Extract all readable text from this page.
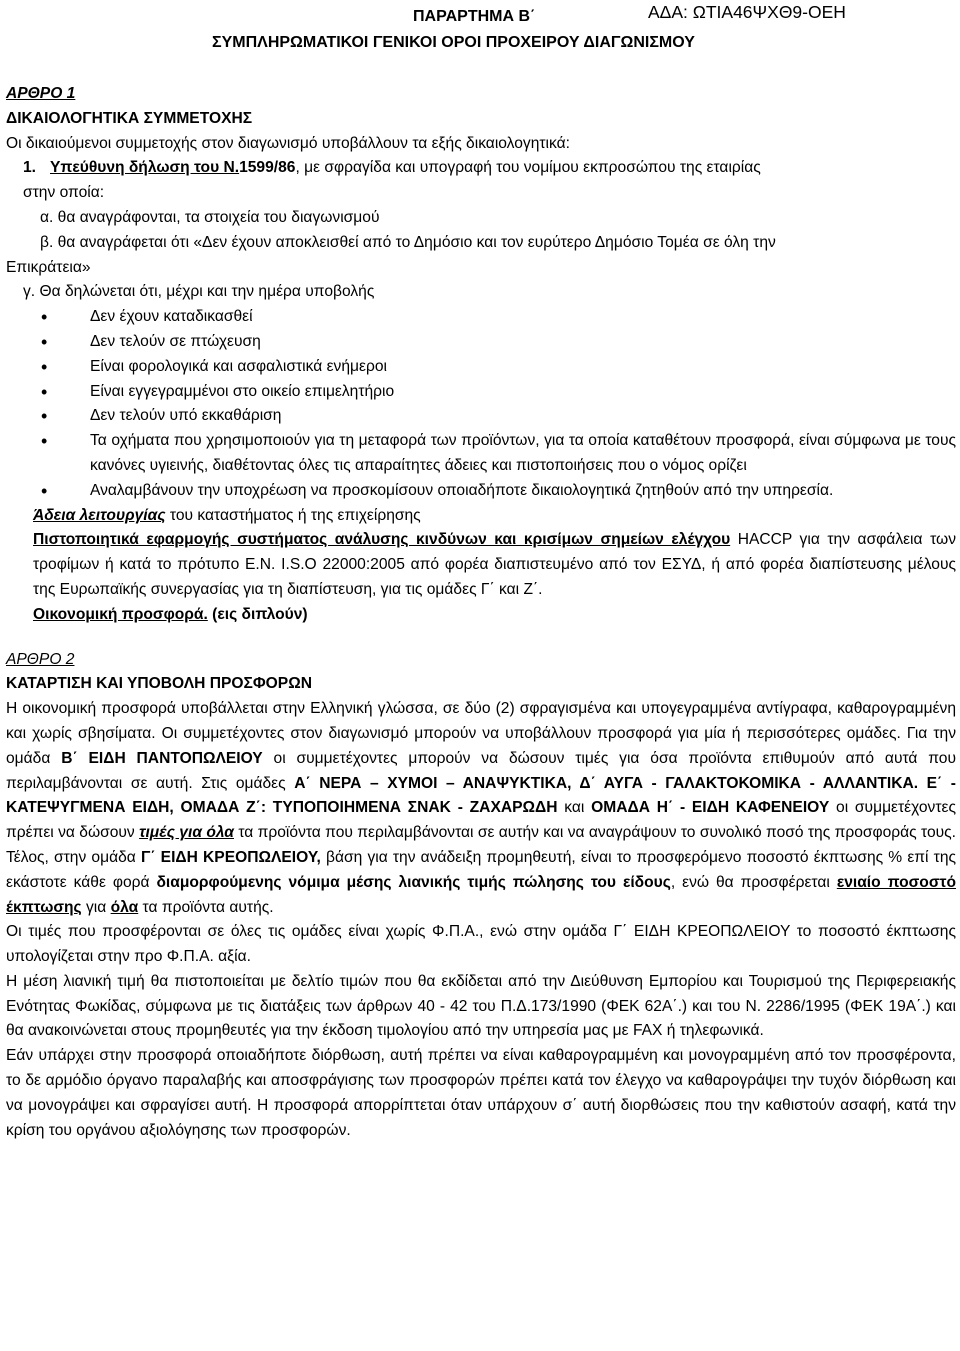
ΑΔΑ: ΩΤΙΑ46ΨΧΘ9-ΟΕΗ
ΠΑΡΑΡΤΗΜΑ Β΄
ΣΥΜΠΛΗΡΩΜΑΤΙΚΟΙ ΓΕΝΙΚΟΙ ΟΡΟΙ ΠΡΟΧΕΙΡΟΥ ΔΙΑΓΩΝΙΣΜΟΥ

ΑΡΘΡΟ 1

ΔΙΚΑΙΟΛΟΓΗΤΙΚΑ ΣΥΜΜΕΤΟΧΗΣ

Οι δικαιούμενοι συμμετοχής στον διαγωνισμό υποβάλλουν τα εξής δικαιολογητικά:

1. Υπεύθυνη δήλωση του Ν.1599/86, με σφραγίδα και υπογραφή του νομίμου εκπροσώπου της εταιρίας

στην οποία:

α. θα αναγράφονται, τα στοιχεία του διαγωνισμού

β. θα αναγράφεται ότι «Δεν έχουν αποκλεισθεί από το Δημόσιο και τον ευρύτερο Δημόσιο Τομέα σε όλη την

Επικράτεια»

γ. Θα δηλώνεται ότι, μέχρι και την ημέρα υποβολής

• Δεν έχουν καταδικασθεί
• Δεν τελούν σε πτώχευση
• Είναι φορολογικά και ασφαλιστικά ενήμεροι
• Είναι εγγεγραμμένοι στο οικείο επιμελητήριο
• Δεν τελούν υπό εκκαθάριση
• Τα οχήματα που χρησιμοποιούν για τη μεταφορά των προϊόντων, για τα οποία καταθέτουν προσφορά, είναι σύμφωνα με τους κανόνες υγιεινής, διαθέτοντας όλες τις απαραίτητες άδειες και πιστοποιήσεις που ο νόμος ορίζει
• Αναλαμβάνουν την υποχρέωση να προσκομίσουν οποιαδήποτε δικαιολογητικά ζητηθούν από την υπηρεσία.

Άδεια λειτουργίας του καταστήματος ή της επιχείρησης

Πιστοποιητικά εφαρμογής συστήματος ανάλυσης κινδύνων και κρισίμων σημείων ελέγχου HACCP για την ασφάλεια των τροφίμων ή κατά το πρότυπο Ε.Ν. I.S.O 22000:2005 από φορέα διαπιστευμένο από τον ΕΣΥΔ, ή από φορέα διαπίστευσης μέλους της Ευρωπαϊκής συνεργασίας για τη διαπίστευση, για τις ομάδες Γ΄ και Ζ΄.

Οικονομική προσφορά. (εις διπλούν)

ΑΡΘΡΟ 2

ΚΑΤΑΡΤΙΣΗ ΚΑΙ ΥΠΟΒΟΛΗ ΠΡΟΣΦΟΡΩΝ

Η οικονομική προσφορά υποβάλλεται στην Ελληνική γλώσσα, σε δύο (2) σφραγισμένα και υπογεγραμμένα αντίγραφα, καθαρογραμμένη και χωρίς σβησίματα. Οι συμμετέχοντες στον διαγωνισμό μπορούν να υποβάλλουν προσφορά για μία ή περισσότερες ομάδες. Για την ομάδα Β΄ ΕΙΔΗ ΠΑΝΤΟΠΩΛΕΙΟΥ οι συμμετέχοντες μπορούν να δώσουν τιμές για όσα προϊόντα επιθυμούν από αυτά που περιλαμβάνονται σε αυτή. Στις ομάδες Α΄ ΝΕΡΑ – ΧΥΜΟΙ – ΑΝΑΨΥΚΤΙΚΑ, Δ΄ ΑΥΓΑ - ΓΑΛΑΚΤΟΚΟΜΙΚΑ - ΑΛΛΑΝΤΙΚΑ. Ε΄ - ΚΑΤΕΨΥΓΜΕΝΑ ΕΙΔΗ, ΟΜΑΔΑ Ζ΄: ΤΥΠΟΠΟΙΗΜΕΝΑ ΣΝΑΚ - ΖΑΧΑΡΩΔΗ και ΟΜΑΔΑ Η΄ - ΕΙΔΗ ΚΑΦΕΝΕΙΟΥ οι συμμετέχοντες πρέπει να δώσουν τιμές για όλα τα προϊόντα που περιλαμβάνονται σε αυτήν και να αναγράψουν το συνολικό ποσό της προσφοράς τους. Τέλος, στην ομάδα Γ΄ ΕΙΔΗ ΚΡΕΟΠΩΛΕΙΟΥ, βάση για την ανάδειξη προμηθευτή, είναι το προσφερόμενο ποσοστό έκπτωσης % επί της εκάστοτε κάθε φορά διαμορφούμενης νόμιμα μέσης λιανικής τιμής πώλησης του είδους, ενώ θα προσφέρεται ενιαίο ποσοστό έκπτωσης για όλα τα προϊόντα αυτής.

Οι τιμές που προσφέρονται σε όλες τις ομάδες είναι χωρίς Φ.Π.Α., ενώ στην ομάδα Γ΄ ΕΙΔΗ ΚΡΕΟΠΩΛΕΙΟΥ το ποσοστό έκπτωσης υπολογίζεται στην προ Φ.Π.Α. αξία.

Η μέση λιανική τιμή θα πιστοποιείται με δελτίο τιμών που θα εκδίδεται από την Διεύθυνση Εμπορίου και Τουρισμού της Περιφερειακής Ενότητας Φωκίδας, σύμφωνα με τις διατάξεις των άρθρων 40 - 42 του Π.Δ.173/1990 (ΦΕΚ 62Α΄.) και του Ν. 2286/1995 (ΦΕΚ 19Α΄.) και θα ανακοινώνεται στους προμηθευτές για την έκδοση τιμολογίου από την υπηρεσία μας με FAX ή τηλεφωνικά.

Εάν υπάρχει στην προσφορά οποιαδήποτε διόρθωση, αυτή πρέπει να είναι καθαρογραμμένη και μονογραμμένη από τον προσφέροντα, το δε αρμόδιο όργανο παραλαβής και αποσφράγισης των προσφορών πρέπει κατά τον έλεγχο να καθαρογράψει την τυχόν διόρθωση και να μονογράψει και σφραγίσει αυτή. Η προσφορά απορρίπτεται όταν υπάρχουν σ΄ αυτή διορθώσεις που την καθιστούν ασαφή, κατά την κρίση του οργάνου αξιολόγησης των προσφορών.
